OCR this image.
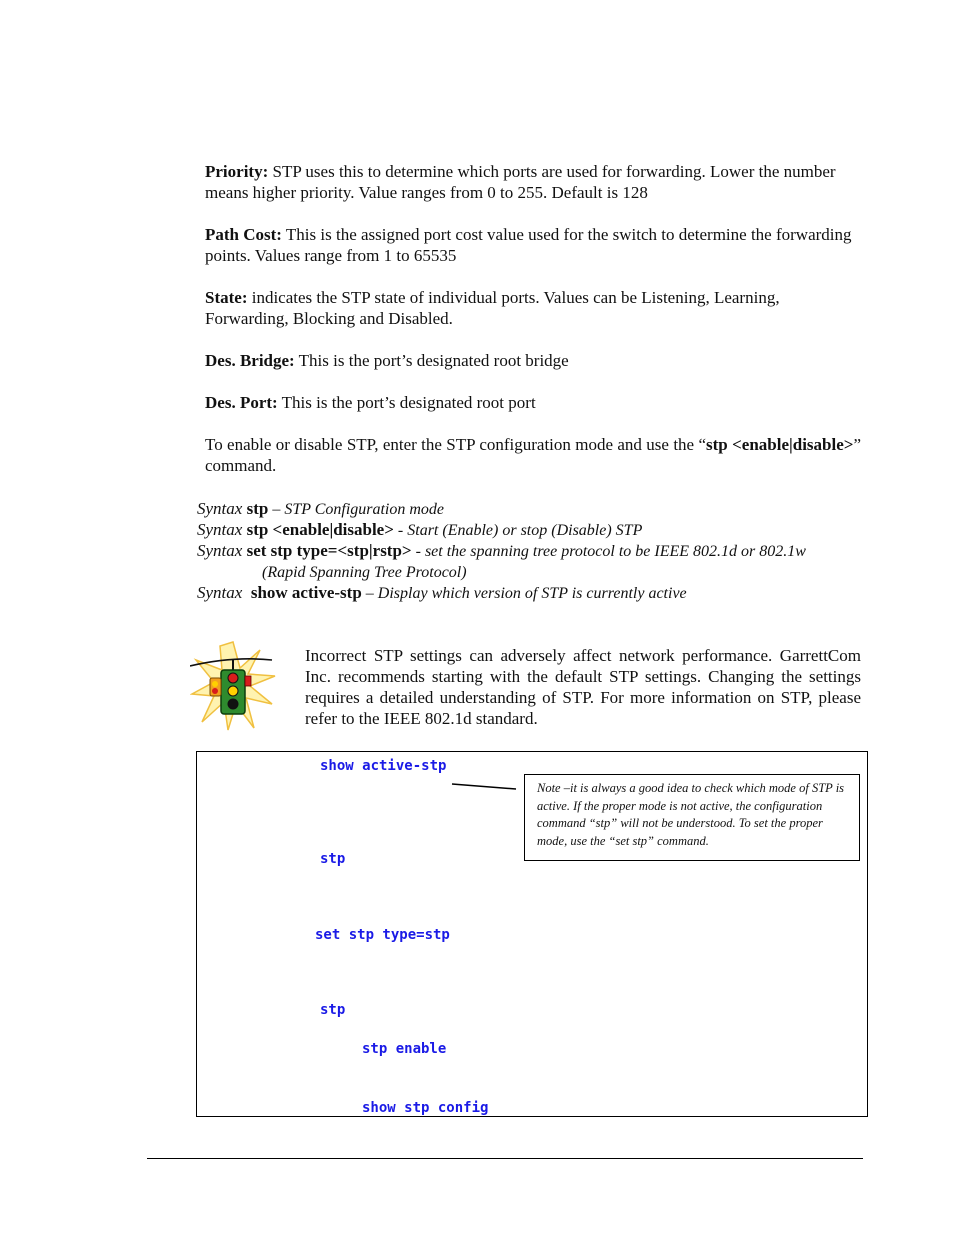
Priority: STP uses this to determine which ports are used for forwarding. Lower the number means higher priority. Value ranges from 0 to 255. Default is 128
Path Cost: This is the assigned port cost value used for the switch to determine the forwarding points. Values range from 1 to 65535
State: indicates the STP state of individual ports. Values can be Listening, Learning, Forwarding, Blocking and Disabled.
Des. Bridge: This is the port’s designated root bridge
Des. Port: This is the port’s designated root port
To enable or disable STP, enter the STP configuration mode and use the “stp <enable|disable>” command.
Syntax stp – STP Configuration mode
Syntax stp <enable|disable> - Start (Enable) or stop (Disable) STP
Syntax set stp type=<stp|rstp> - set the spanning tree protocol to be IEEE 802.1d or 802.1w
(Rapid Spanning Tree Protocol)
Syntax show active-stp – Display which version of STP is currently active
Incorrect STP settings can adversely affect network performance. GarrettCom Inc. recommends starting with the default STP settings. Changing the settings requires a detailed understanding of STP. For more information on STP, please refer to the IEEE 802.1d standard.
show active-stp
stp
set stp type=stp
stp
stp enable
show stp config
Note –it is always a good idea to check which mode of STP is active. If the proper mode is not active, the configuration command “stp” will not be understood. To set the proper mode, use the “set stp” command.
